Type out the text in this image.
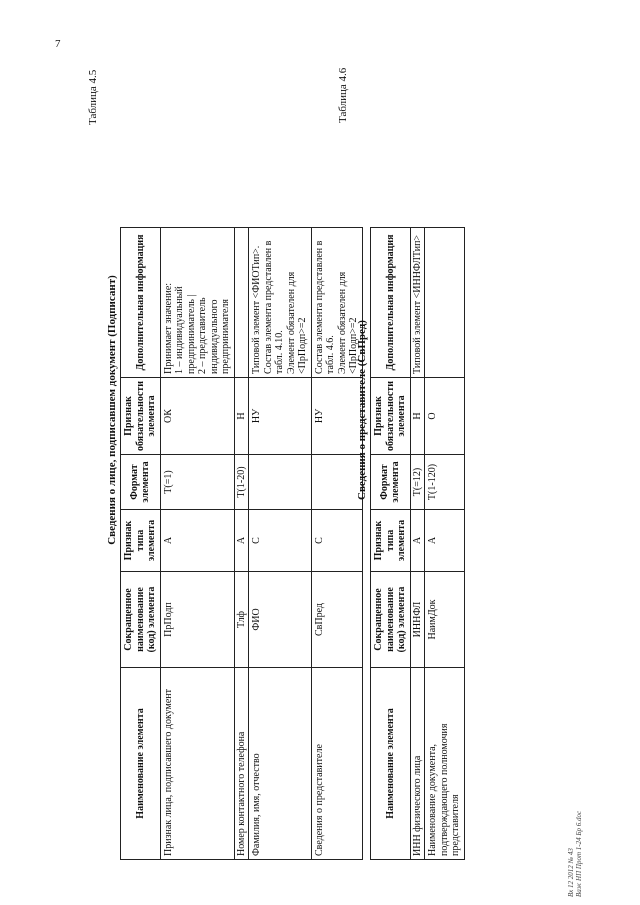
7
Таблица 4.5
Сведения о лице, подписавшем документ (Подписант)
Наименование элемента	Сокращенное наименование (код) элемента	Признак типа элемента	Формат элемента	Признак обязательности элемента	Дополнительная информация
Признак лица, подписавшего документ	ПрПодп	А	T(=1)	ОК	Принимает значение: 1 – индивидуальный предприниматель | 2 – представитель индивидуального предпринимателя

Номер контактного телефона	Тлф	А	T(1-20)	Н	
Фамилия, имя, отчество	ФИО	С		НУ	Типовой элемент <ФИОТип>. Состав элемента представлен в табл. 4.10. Элемент обязателен для <ПрПодп>=2

Сведения о представителе	СвПред	С		НУ	Состав элемента представлен в табл. 4.6. Элемент обязателен для <ПрПодп>=2
Таблица 4.6
Сведения о представителе (СвПред)
Наименование элемента	Сокращенное наименование (код) элемента	Признак типа элемента	Формат элемента	Признак обязательности элемента	Дополнительная информация
ИНН физического лица	ИННФЛ	А	T(=12)	Н	Типовой элемент <ИННФЛТип>

Наименование документа, подтверждающего полномочия представителя	НаимДок	А	T(1-120)	О	
Вх 12 2012 № 43 Важ НП Прот 1-24 Бр 6.doc
